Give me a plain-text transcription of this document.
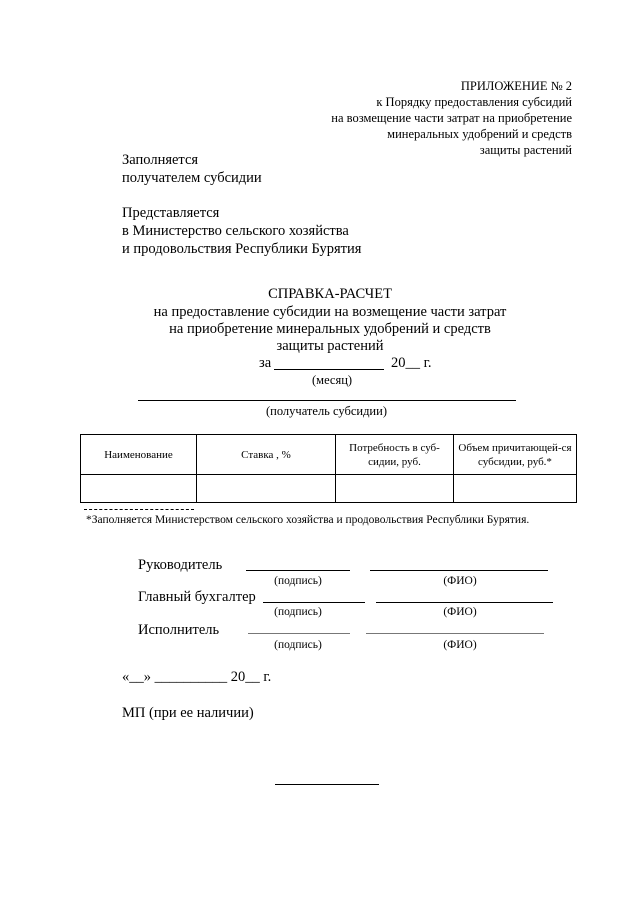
ПРИЛОЖЕНИЕ № 2
к Порядку предоставления субсидий
на возмещение части затрат на приобретение
минеральных удобрений и средств
защиты растений
Заполняется
получателем субсидии
Представляется
в Министерство сельского хозяйства
и продовольствия Республики Бурятия
СПРАВКА-РАСЧЕТ
на предоставление субсидии на возмещение части затрат
на приобретение минеральных удобрений и средств
защиты растений
за	20__ г.
(месяц)
(получатель субсидии)
Наименование	Ставка , %	Потребность в суб-сидии, руб.	Объем причитающей-ся субсидии, руб.*

*Заполняется Министерством сельского хозяйства и продовольствия Республики Бурятия.
Руководитель
(подпись)	(ФИО)
Главный бухгалтер
(подпись)	(ФИО)
Исполнитель
(подпись)	(ФИО)
«__» __________ 20__ г.
МП (при ее наличии)
